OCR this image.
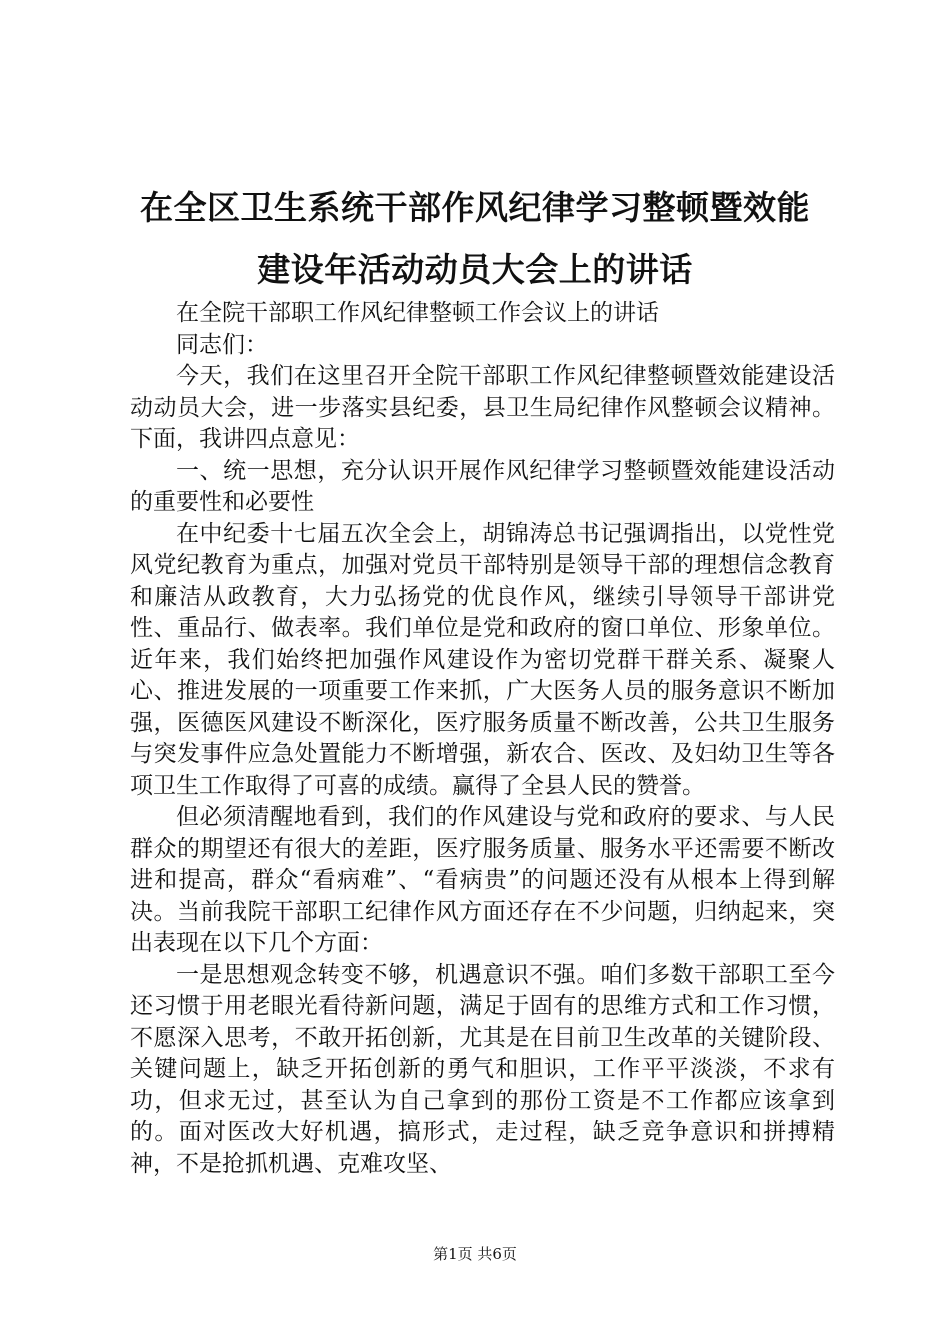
在全区卫生系统干部作风纪律学习整顿暨效能
建设年活动动员大会上的讲话

在全院干部职工作风纪律整顿工作会议上的讲话

同志们：

今天，我们在这里召开全院干部职工作风纪律整顿暨效能建设活动动员大会，进一步落实县纪委，县卫生局纪律作风整顿会议精神。下面，我讲四点意见：

一、统一思想，充分认识开展作风纪律学习整顿暨效能建设活动的重要性和必要性

在中纪委十七届五次全会上，胡锦涛总书记强调指出，以党性党风党纪教育为重点，加强对党员干部特别是领导干部的理想信念教育和廉洁从政教育，大力弘扬党的优良作风，继续引导领导干部讲党性、重品行、做表率。我们单位是党和政府的窗口单位、形象单位。近年来，我们始终把加强作风建设作为密切党群干群关系、凝聚人心、推进发展的一项重要工作来抓，广大医务人员的服务意识不断加强，医德医风建设不断深化，医疗服务质量不断改善，公共卫生服务与突发事件应急处置能力不断增强，新农合、医改、及妇幼卫生等各项卫生工作取得了可喜的成绩。赢得了全县人民的赞誉。

但必须清醒地看到，我们的作风建设与党和政府的要求、与人民群众的期望还有很大的差距，医疗服务质量、服务水平还需要不断改进和提高，群众“看病难”、“看病贵”的问题还没有从根本上得到解决。当前我院干部职工纪律作风方面还存在不少问题，归纳起来，突出表现在以下几个方面：

一是思想观念转变不够，机遇意识不强。咱们多数干部职工至今还习惯于用老眼光看待新问题，满足于固有的思维方式和工作习惯，不愿深入思考，不敢开拓创新，尤其是在目前卫生改革的关键阶段、关键问题上，缺乏开拓创新的勇气和胆识，工作平平淡淡，不求有功，但求无过，甚至认为自己拿到的那份工资是不工作都应该拿到的。面对医改大好机遇，搞形式，走过程，缺乏竞争意识和拼搏精神，不是抢抓机遇、克难攻坚、

第1页 共6页
